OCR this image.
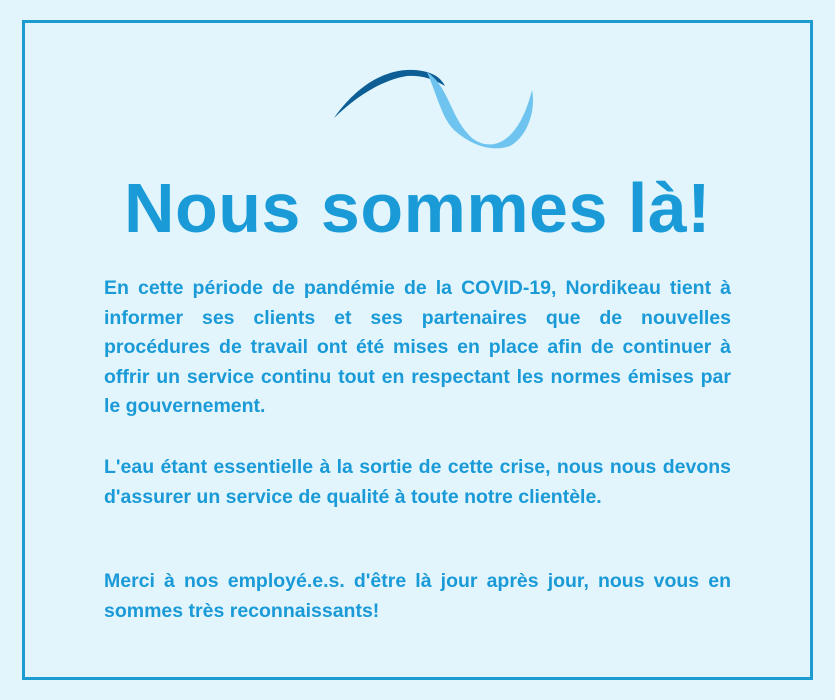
Nous sommes là!

En cette période de pandémie de la COVID-19, Nordikeau tient à informer ses clients et ses partenaires que de nouvelles procédures de travail ont été mises en place afin de continuer à offrir un service continu tout en respectant les normes émises par le gouvernement.

L'eau étant essentielle à la sortie de cette crise, nous nous devons d'assurer un service de qualité à toute notre clientèle.

Merci à nos employé.e.s. d'être là jour après jour, nous vous en sommes très reconnaissants!
